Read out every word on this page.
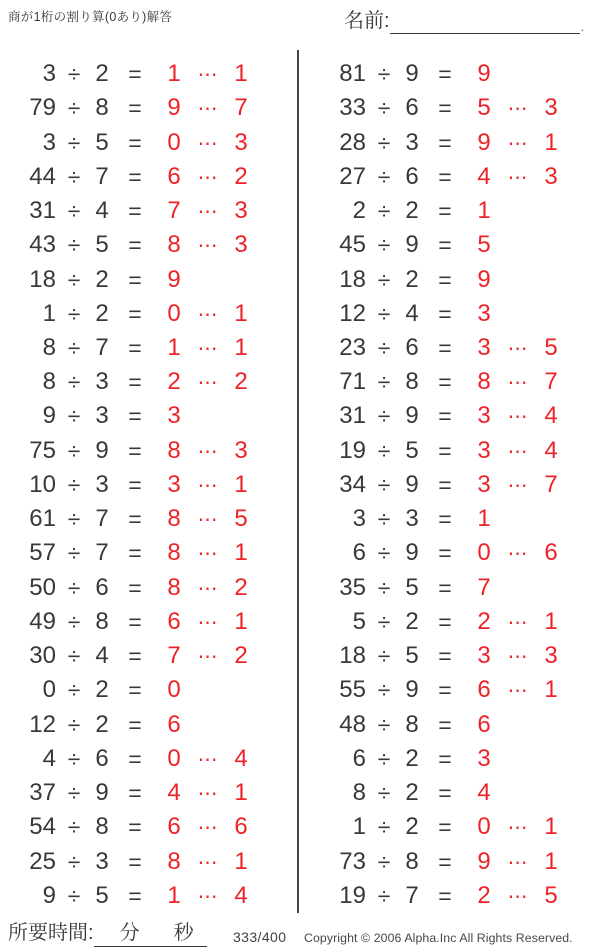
商が1桁の割り算(0あり)解答	名前:	.
3 ÷ 2 =	1 ⋯ 1
79 ÷ 8 =	9 ⋯ 7
3 ÷ 5 =	0 ⋯ 3
44 ÷ 7 =	6 ⋯ 2
31 ÷ 4 =	7 ⋯ 3
43 ÷ 5 =	8 ⋯ 3
18 ÷ 2 =	9
1 ÷ 2 =	0 ⋯ 1
8 ÷ 7 =	1 ⋯ 1
8 ÷ 3 =	2 ⋯ 2
9 ÷ 3 =	3
75 ÷ 9 =	8 ⋯ 3
10 ÷ 3 =	3 ⋯ 1
61 ÷ 7 =	8 ⋯ 5
57 ÷ 7 =	8 ⋯ 1
50 ÷ 6 =	8 ⋯ 2
49 ÷ 8 =	6 ⋯ 1
30 ÷ 4 =	7 ⋯ 2
0 ÷ 2 =	0
12 ÷ 2 =	6
4 ÷ 6 =	0 ⋯ 4
37 ÷ 9 =	4 ⋯ 1
54 ÷ 8 =	6 ⋯ 6
25 ÷ 3 =	8 ⋯ 1
9 ÷ 5 =	1 ⋯ 4
81 ÷ 9 =	9
33 ÷ 6 =	5 ⋯ 3
28 ÷ 3 =	9 ⋯ 1
27 ÷ 6 =	4 ⋯ 3
2 ÷ 2 =	1
45 ÷ 9 =	5
18 ÷ 2 =	9
12 ÷ 4 =	3
23 ÷ 6 =	3 ⋯ 5
71 ÷ 8 =	8 ⋯ 7
31 ÷ 9 =	3 ⋯ 4
19 ÷ 5 =	3 ⋯ 4
34 ÷ 9 =	3 ⋯ 7
3 ÷ 3 =	1
6 ÷ 9 =	0 ⋯ 6
35 ÷ 5 =	7
5 ÷ 2 =	2 ⋯ 1
18 ÷ 5 =	3 ⋯ 3
55 ÷ 9 =	6 ⋯ 1
48 ÷ 8 =	6
6 ÷ 2 =	3
8 ÷ 2 =	4
1 ÷ 2 =	0 ⋯ 1
73 ÷ 8 =	9 ⋯ 1
19 ÷ 7 =	2 ⋯ 5
所要時間: 分 秒	333/400 Copyright © 2006 Alpha.Inc All Rights Reserved.
